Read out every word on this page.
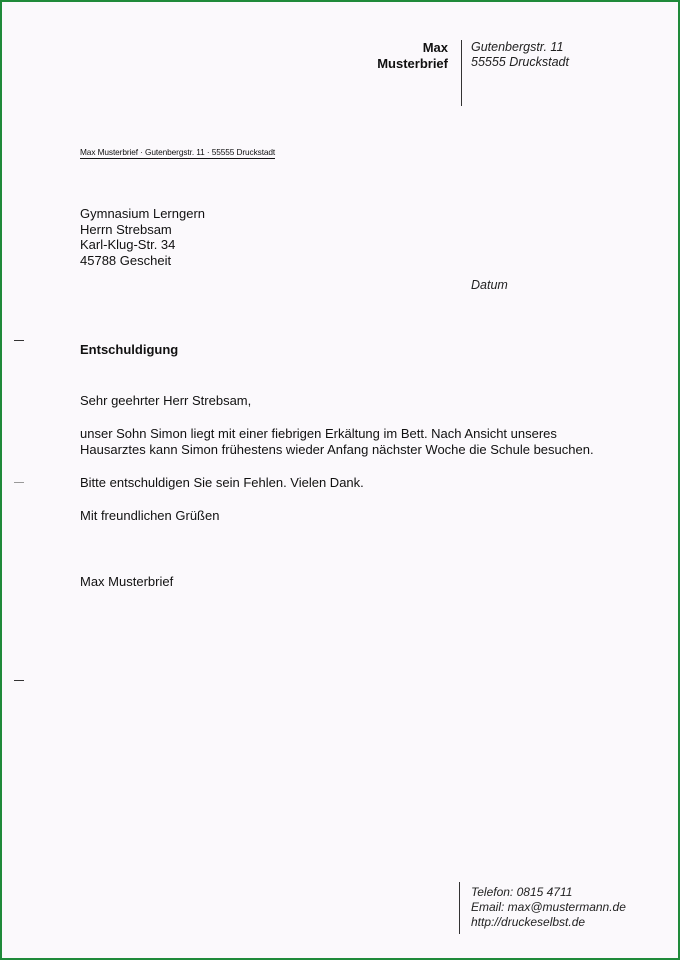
Max
Musterbrief
Gutenbergstr. 11
55555 Druckstadt
Max Musterbrief · Gutenbergstr. 11 · 55555 Druckstadt
Gymnasium Lerngern
Herrn Strebsam
Karl-Klug-Str. 34
45788 Gescheit
Datum
Entschuldigung
Sehr geehrter Herr Strebsam,
unser Sohn Simon liegt mit einer fiebrigen Erkältung im Bett. Nach Ansicht unseres
Hausarztes kann Simon frühestens wieder Anfang nächster Woche die Schule besuchen.
Bitte entschuldigen Sie sein Fehlen. Vielen Dank.
Mit freundlichen Grüßen
Max Musterbrief
Telefon: 0815 4711
Email: max@mustermann.de
http://druckeselbst.de
